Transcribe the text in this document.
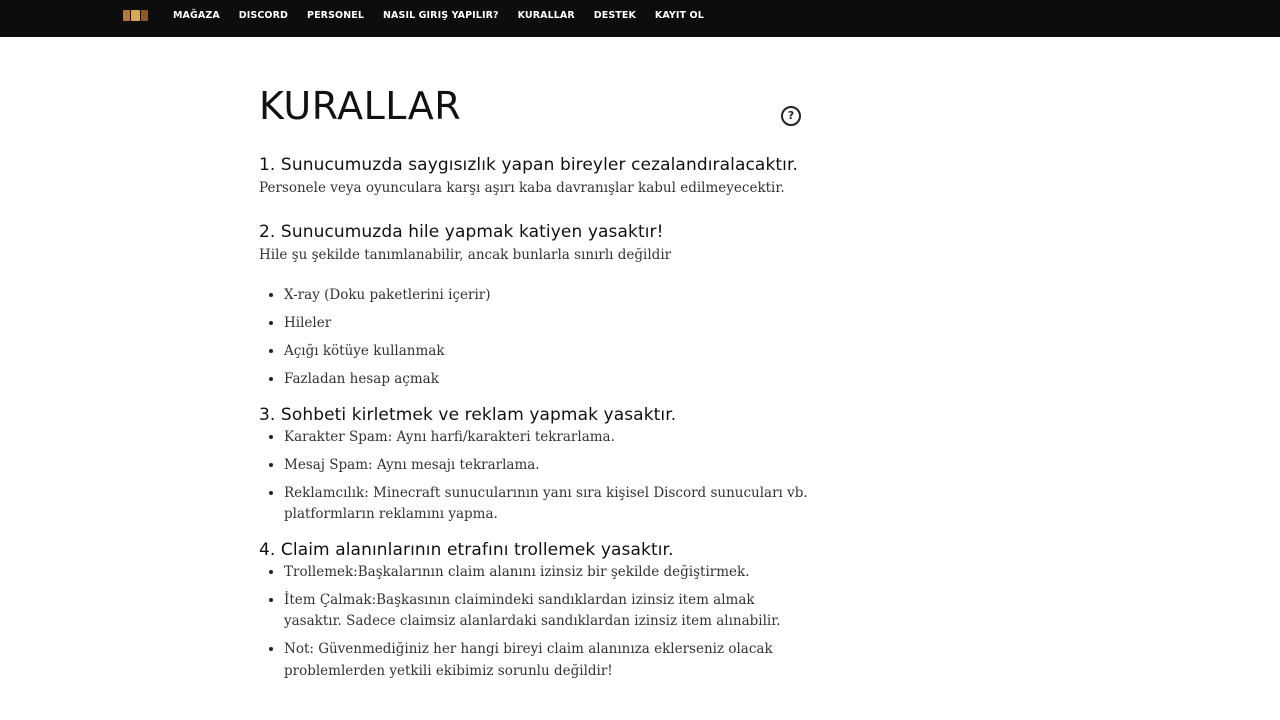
$^{MAĞAZA}$ $^{DISCORD}$ $^{PERSONEL}$ $^{NASIL GIRIŞ YAPILIR?}$ $^{KURALLAR}$ $^{DESTEK}$ $^{KAYIT OL}$
KURALLAR	?
1. Sunucumuzda saygısızlık yapan bireyler cezalandıralacaktır.

Personele veya oyunculara karşı aşırı kaba davranışlar kabul edilmeyecektir.

2. Sunucumuzda hile yapmak katiyen yasaktır!

Hile şu şekilde tanımlanabilir, ancak bunlarla sınırlı değildir

• X-ray (Doku paketlerini içerir)
• Hileler
• Açığı kötüye kullanmak
• Fazladan hesap açmak
3. Sohbeti kirletmek ve reklam yapmak yasaktır.
• Karakter Spam: Aynı harfi/karakteri tekrarlama.
• Mesaj Spam: Aynı mesajı tekrarlama.
• Reklamcılık: Minecraft sunucularının yanı sıra kişisel Discord sunucuları vb. platformların reklamını yapma.
4. Claim alanınlarının etrafını trollemek yasaktır.
• Trollemek:Başkalarının claim alanını izinsiz bir şekilde değiştirmek.
• İtem Çalmak:Başkasının claimindeki sandıklardan izinsiz item almak yasaktır. Sadece claimsiz alanlardaki sandıklardan izinsiz item alınabilir.
• Not: Güvenmediğiniz her hangi bireyi claim alanınıza eklerseniz olacak problemlerden yetkili ekibimiz sorunlu değildir!
